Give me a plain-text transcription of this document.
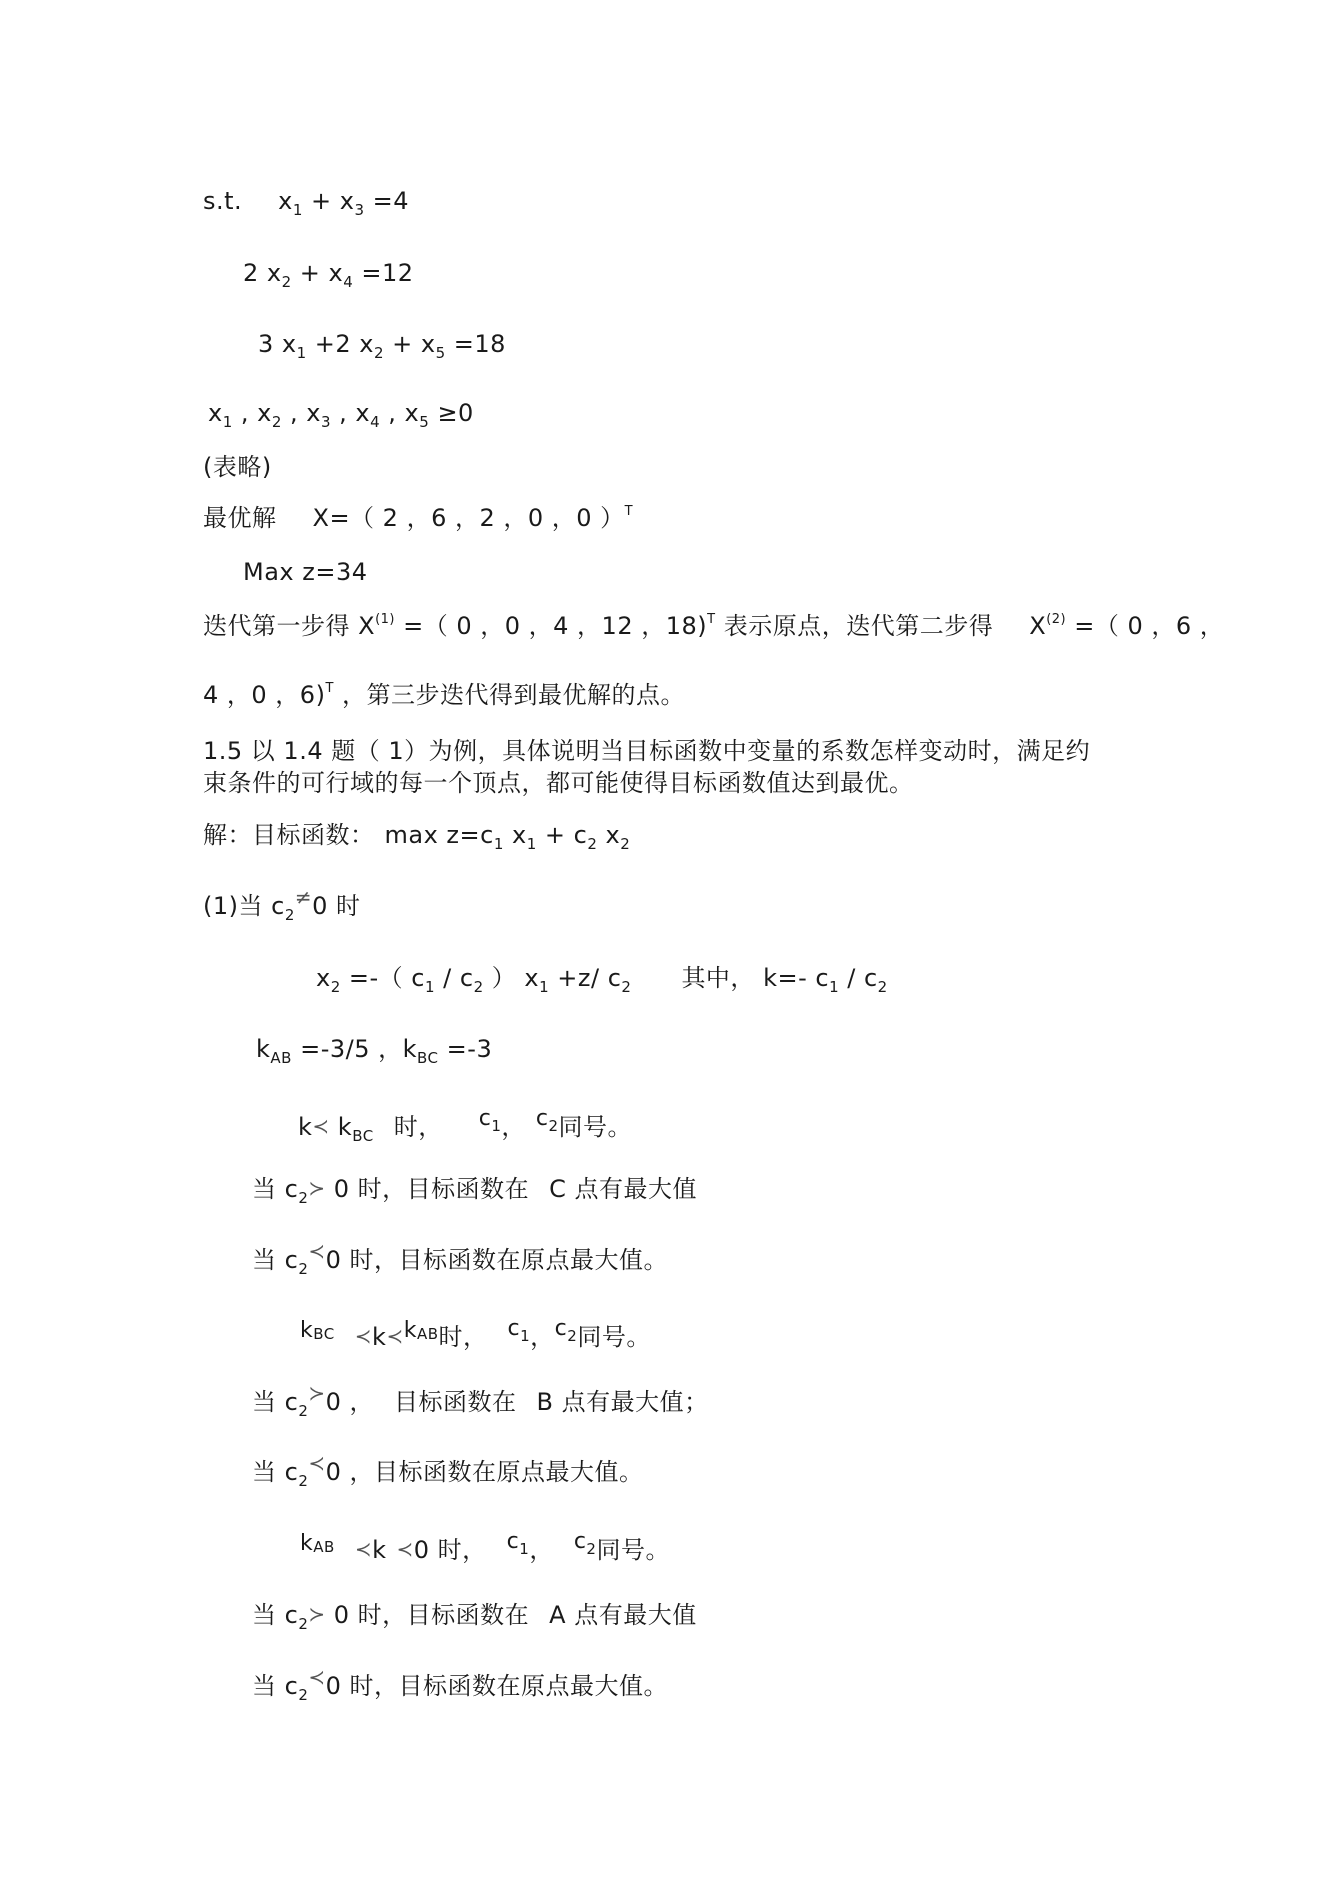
s.t. $x_1 + x_3 =4$
2 $x_2 + x_4 =12$
3 $x_1 +2$ $x_2 + x_5 =18$
$x_1$ , $x_2$ , $x_3$ , $x_4$ , $x_5 \ge 0$
(表略)
最优解 X=（ 2 ，6 ，2 ，0 ，0 ）$^T$
Max z=34
迭代第一步得 $X^{(1)}$ =（ 0 ，0 ，4 ，12 ，18)$^T$ 表示原点，迭代第二步得 $X^{(2)}$ =（ 0 ，6 ，
4 ，0 ，6)$^T$ ，第三步迭代得到最优解的点。
1.5 以 1.4 题（ 1）为例，具体说明当目标函数中变量的系数怎样变动时，满足约
束条件的可行域的每一个顶点，都可能使得目标函数值达到最优。
解：目标函数： $\max z=c_1$ $x_1 + c_2$ $x_2$
(1)当 $c_2^\ne 0$ 时
$x_2$ =-（ $c_1 / c_2$ ） $x_1 +z/$ $c_2$ 其中， k=- $c_1 / c_2$
$k_{AB} =-3/5$ ，$k_{BC} =-3$
k≺ $k_{BC}$ 时， c1， c2同号。
当 $c_2≻$ 0 时，目标函数在 C 点有最大值
当 $c_2^≺0$ 时，目标函数在原点最大值。
$k^{BC}$ $≺k≺k^{AB}$时， c1，c2同号。
当 $c_2^≻0$ ， 目标函数在 B 点有最大值；
当 $c_2^≺0$ ，目标函数在原点最大值。
$k^{AB}$ ≺k ≺0 时， c1， c2同号。
当 $c_2≻$ 0 时，目标函数在 A 点有最大值
当 $c_2^≺0$ 时，目标函数在原点最大值。
